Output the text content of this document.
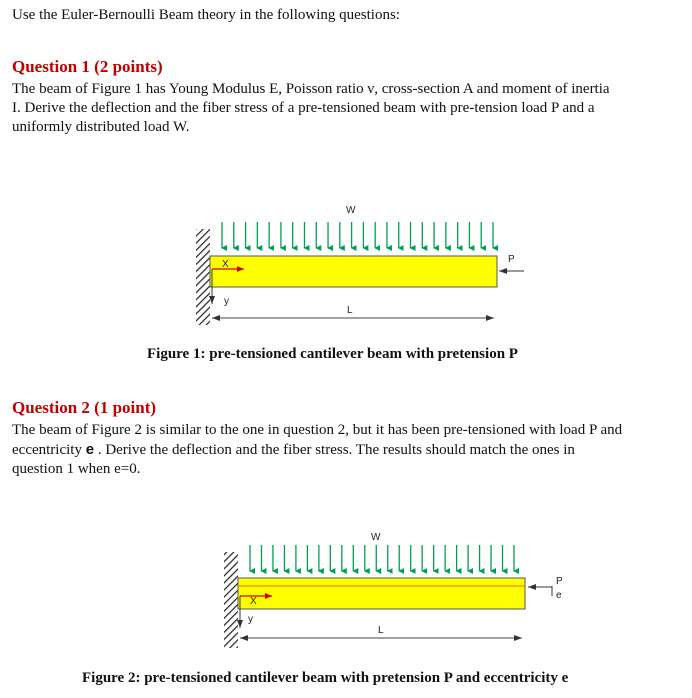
Use the Euler-Bernoulli Beam theory in the following questions:
Question 1 (2 points)
The beam of Figure 1 has Young Modulus E, Poisson ratio ν, cross-section A and moment of inertia
I. Derive the deflection and the fiber stress of a pre-tensioned beam with pre-tension load P and a
uniformly distributed load W.
Question 2 (1 point)
The beam of Figure 2 is similar to the one in question 2, but it has been pre-tensioned with load P and
eccentricity e . Derive the deflection and the fiber stress. The results should match the ones in
question 1 when e=0.
W
X
y
P
L
W
X
y
P
e
L
Figure 1: pre-tensioned cantilever beam with pretension P
Figure 2: pre-tensioned cantilever beam with pretension P and eccentricity e
